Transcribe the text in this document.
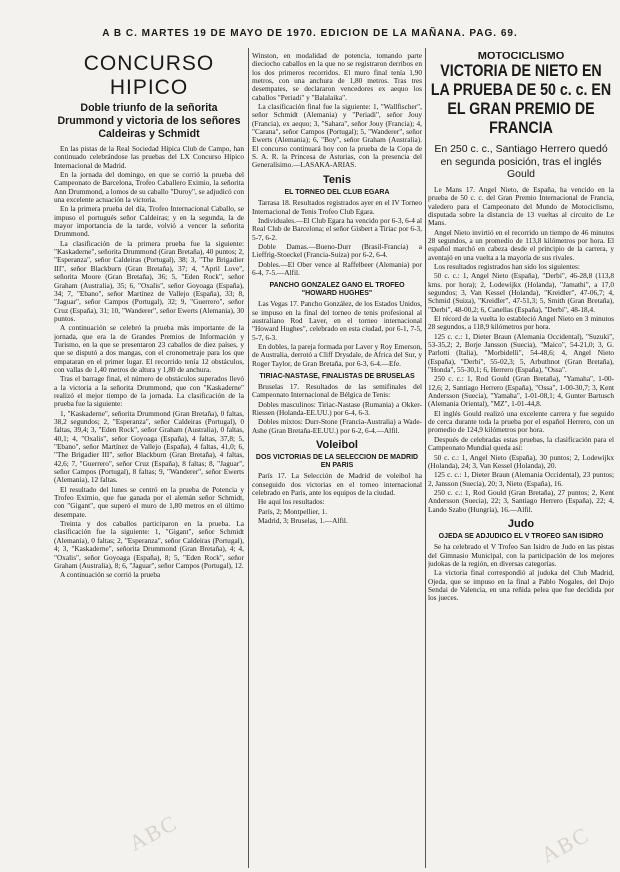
A B C. MARTES 19 DE MAYO DE 1970. EDICION DE LA MAÑANA. PAG. 69.
CONCURSO HIPICO
Doble triunfo de la señorita Drummond y victoria de los señores Caldeiras y Schmidt

En las pistas de la Real Sociedad Hípica Club de Campo, han continuado celebrándose las pruebas del LX Concurso Hípico Internacional de Madrid.

En la jornada del domingo, en que se corrió la prueba del Campeonato de Barcelona, Trofeo Caballero Eximio, la señorita Ann Drummond, a lomos de su caballo "Duroy", se adjudicó con una excelente actuación la victoria.

En la primera prueba del día, Trofeo Internacional Caballo, se impuso el portugués señor Caldeiras; y en la segunda, la de mayor importancia de la tarde, volvió a vencer la señorita Drummond.

La clasificación de la primera prueba fue la siguiente: "Kaskaderne", señorita Drummond (Gran Bretaña), 40 puntos; 2, "Esperanza", señor Caldeiras (Portugal), 38; 3, "The Brigadier III", señor Blackburn (Gran Bretaña), 37; 4, "April Love", señorita Moore (Gran Bretaña), 36; 5, "Eden Rock", señor Graham (Australia), 35; 6, "Oxalis", señor Goyoaga (España), 34; 7, "Ebano", señor Martínez de Vallejo (España), 33; 8, "Jaguar", señor Campos (Portugal), 32; 9, "Guerrero", señor Cruz (España), 31; 10, "Wanderer", señor Ewerts (Alemania), 30 puntos.

A continuación se celebró la prueba más importante de la jornada, que era la de Grandes Premios de Información y Turismo, en la que se presentaron 23 caballos de diez países, y que se disputó a dos mangas, con el cronometraje para los que empataran en el primer lugar. El recorrido tenía 12 obstáculos, con vallas de 1,40 metros de altura y 1,80 de anchura.

Tras el barrage final, el número de obstáculos superados llevó a la victoria a la señorita Drummond, que con "Kaskaderne" realizó el mejor tiempo de la jornada. La clasificación de la prueba fue la siguiente:

1, "Kaskaderne", señorita Drummond (Gran Bretaña), 0 faltas, 38,2 segundos; 2, "Esperanza", señor Caldeiras (Portugal), 0 faltas, 39,4; 3, "Eden Rock", señor Graham (Australia), 0 faltas, 40,1; 4, "Oxalis", señor Goyoaga (España), 4 faltas, 37,8; 5, "Ebano", señor Martínez de Vallejo (España), 4 faltas, 41,0; 6, "The Brigadier III", señor Blackburn (Gran Bretaña), 4 faltas, 42,6; 7, "Guerrero", señor Cruz (España), 8 faltas; 8, "Jaguar", señor Campos (Portugal), 8 faltas; 9, "Wanderer", señor Ewerts (Alemania), 12 faltas.

El resultado del lunes se centró en la prueba de Potencia y Trofeo Eximio, que fue ganada por el alemán señor Schmidt, con "Gigant", que superó el muro de 1,80 metros en el último desempate.

Treinta y dos caballos participaron en la prueba. La clasificación fue la siguiente: 1, "Gigant", señor Schmidt (Alemania), 0 faltas; 2, "Esperanza", señor Caldeiras (Portugal), 4; 3, "Kaskaderne", señorita Drummond (Gran Bretaña), 4; 4, "Oxalis", señor Goyoaga (España), 8; 5, "Eden Rock", señor Graham (Australia), 8; 6, "Jaguar", señor Campos (Portugal), 12.

A continuación se corrió la prueba

Winston, en modalidad de potencia, tomando parte dieciocho caballos en la que no se registraron derribos en los dos primeros recorridos. El muro final tenía 1,90 metros, con una anchura de 1,80 metros. Tras tres desempates, se declararon vencedores ex aequo los caballos "Periadi" y "Balalaika".

La clasificación final fue la siguiente: 1, "Wallfischer", señor Schmidt (Alemania) y "Periadi", señor Jouy (Francia), ex aequo; 3, "Sahara", señor Jouy (Francia); 4, "Carana", señor Campos (Portugal); 5, "Wanderer", señor Ewerts (Alemania); 6, "Boy", señor Graham (Australia). El concurso continuará hoy con la prueba de la Copa de S. A. R. la Princesa de Asturias, con la presencia del Generalísimo.—LASAKA-ARIAS.

Tenis
EL TORNEO DEL CLUB EGARA

Tarrasa 18. Resultados registrados ayer en el IV Torneo Internacional de Tenis Trofeo Club Egara.

Individuales.—El Club Egara ha vencido por 6-3, 6-4 al Real Club de Barcelona; el señor Gisbert a Tiriac por 6-3, 5-7, 6-2.

Doble Damas.—Bueno-Durr (Brasil-Francia) a Lieffrig-Stoeckel (Francia-Suiza) por 6-2, 6-4.

Dobles.—El Ober vence al Raffelbeer (Alemania) por 6-4, 7-5.—Alfil.

PANCHO GONZALEZ GANO EL TROFEO "HOWARD HUGHES"

Las Vegas 17. Pancho González, de los Estados Unidos, se impuso en la final del torneo de tenis profesional al australiano Rod Laver, en el torneo internacional "Howard Hughes", celebrado en esta ciudad, por 6-1, 7-5, 5-7, 6-3.

En dobles, la pareja formada por Laver y Roy Emerson, de Australia, derrotó a Cliff Drysdale, de Africa del Sur, y Roger Taylor, de Gran Bretaña, por 6-3, 6-4.—Efe.

TIRIAC-NASTASE, FINALISTAS DE BRUSELAS

Bruselas 17. Resultados de las semifinales del Campeonato Internacional de Bélgica de Tenis:

Dobles masculinos: Tiriac-Nastase (Rumania) a Okker-Riessen (Holanda-EE.UU.) por 6-4, 6-3.

Dobles mixtos: Durr-Stone (Francia-Australia) a Wade-Ashe (Gran Bretaña-EE.UU.) por 6-2, 6-4.—Alfil.

Voleibol
DOS VICTORIAS DE LA SELECCION DE MADRID EN PARIS

París 17. La Selección de Madrid de voleibol ha conseguido dos victorias en el torneo internacional celebrado en París, ante los equipos de la ciudad.

He aquí los resultados:

París, 2; Montpellier, 1.

Madrid, 3; Bruselas, 1.—Alfil.

MOTOCICLISMO
VICTORIA DE NIETO EN LA PRUEBA DE 50 c. c. EN EL GRAN PREMIO DE FRANCIA
En 250 c. c., Santiago Herrero quedó en segunda posición, tras el inglés Gould

Le Mans 17. Angel Nieto, de España, ha vencido en la prueba de 50 c. c. del Gran Premio Internacional de Francia, valedero para el Campeonato del Mundo de Motociclismo, disputada sobre la distancia de 13 vueltas al circuito de Le Mans.

Angel Nieto invirtió en el recorrido un tiempo de 46 minutos 28 segundos, a un promedio de 113,8 kilómetros por hora. El español marchó en cabeza desde el principio de la carrera, y aventajó en una vuelta a la mayoría de sus rivales.

Los resultados registrados han sido los siguientes:

50 c. c.: 1, Angel Nieto (España), "Derbi", 46-28,8 (113,8 kms. por hora); 2, Lodewijkx (Holanda), "Jamathi", a 17,0 segundos; 3, Van Kessel (Holanda), "Kreidler", 47-06,7; 4, Schmid (Suiza), "Kreidler", 47-51,3; 5, Smith (Gran Bretaña), "Derbi", 48-00,2; 6, Canellas (España), "Derbi", 48-18,4.

El récord de la vuelta lo estableció Angel Nieto en 3 minutos 28 segundos, a 118,9 kilómetros por hora.

125 c. c.: 1, Dieter Braun (Alemania Occidental), "Suzuki", 53-35,2; 2, Borje Jansson (Suecia), "Maico", 54-21,0; 3, G. Parlotti (Italia), "Morbidelli", 54-48,6; 4, Angel Nieto (España), "Derbi", 55-02,3; 5, Arbuthnot (Gran Bretaña), "Honda", 55-30,1; 6, Herrero (España), "Ossa".

250 c. c.: 1, Rod Gould (Gran Bretaña), "Yamaha", 1-00-12,6; 2, Santiago Herrero (España), "Ossa", 1-00-30,7; 3, Kent Andersson (Suecia), "Yamaha", 1-01-08,1; 4, Gunter Bartusch (Alemania Oriental), "MZ", 1-01-44,8.

El inglés Gould realizó una excelente carrera y fue seguido de cerca durante toda la prueba por el español Herrero, con un promedio de 124,9 kilómetros por hora.

Después de celebradas estas pruebas, la clasificación para el Campeonato Mundial queda así:

50 c. c.: 1, Angel Nieto (España), 30 puntos; 2, Lodewijkx (Holanda), 24; 3, Van Kessel (Holanda), 20.

125 c. c.: 1, Dieter Braun (Alemania Occidental), 23 puntos; 2, Jansson (Suecia), 20; 3, Nieto (España), 16.

250 c. c.: 1, Rod Gould (Gran Bretaña), 27 puntos; 2, Kent Andersson (Suecia), 22; 3, Santiago Herrero (España), 22; 4, Lando Szabo (Hungría), 16.—Alfil.

Judo
OJEDA SE ADJUDICO EL V TROFEO SAN ISIDRO

Se ha celebrado el V Trofeo San Isidro de Judo en las pistas del Gimnasio Municipal, con la participación de los mejores judokas de la región, en diversas categorías.

La victoria final correspondió al judoka del Club Madrid, Ojeda, que se impuso en la final a Pablo Nogales, del Dojo Sendai de Valencia, en una reñida pelea que fue decidida por los jueces.

ABC	ABC
